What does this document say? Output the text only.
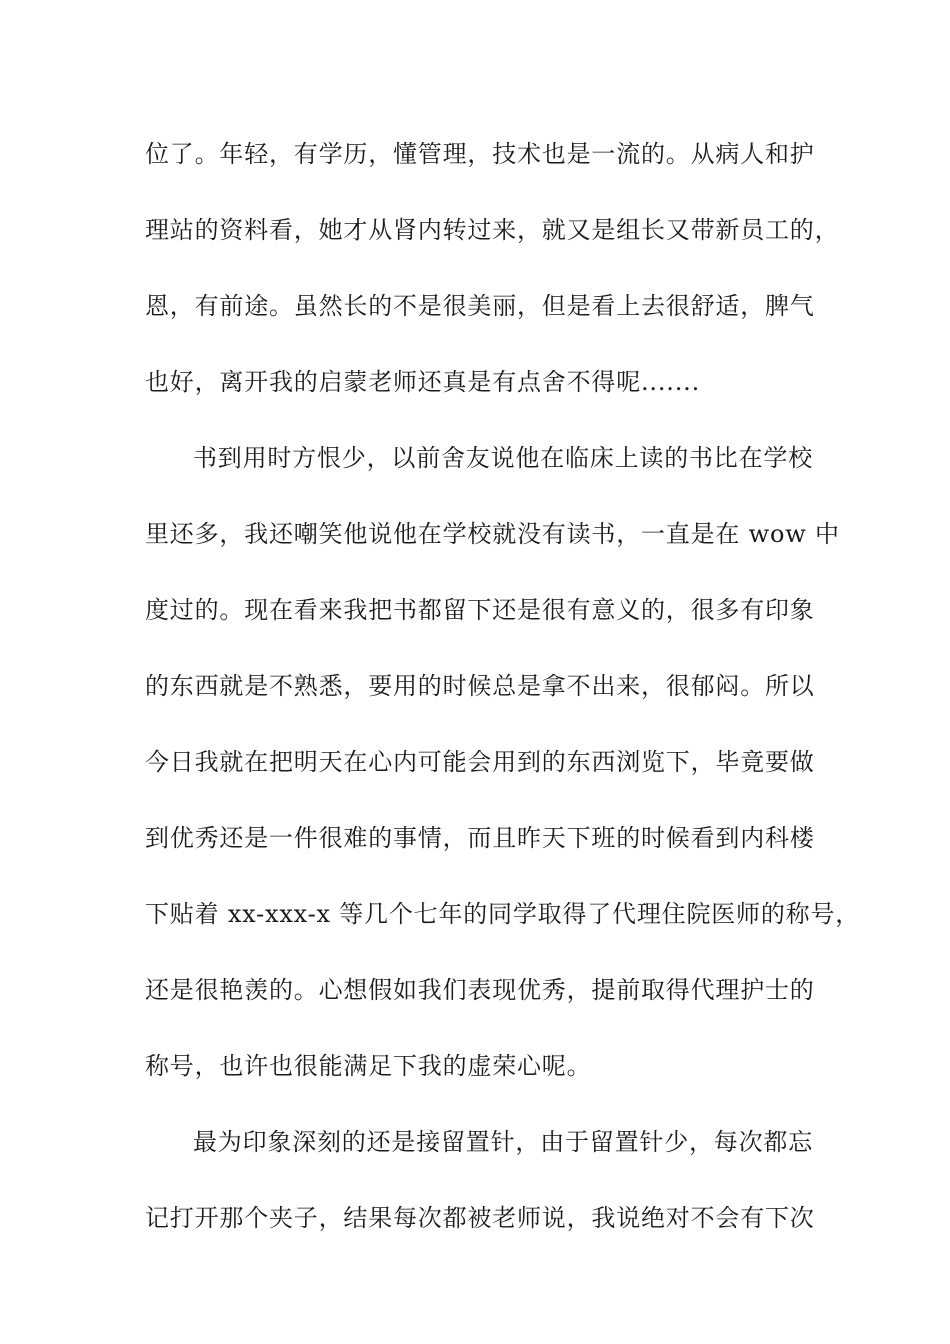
位了。年轻，有学历，懂管理，技术也是一流的。从病人和护
理站的资料看，她才从肾内转过来，就又是组长又带新员工的，
恩，有前途。虽然长的不是很美丽，但是看上去很舒适，脾气
也好，离开我的启蒙老师还真是有点舍不得呢.......
书到用时方恨少，以前舍友说他在临床上读的书比在学校
里还多，我还嘲笑他说他在学校就没有读书，一直是在 wow 中
度过的。现在看来我把书都留下还是很有意义的，很多有印象
的东西就是不熟悉，要用的时候总是拿不出来，很郁闷。所以
今日我就在把明天在心内可能会用到的东西浏览下，毕竟要做
到优秀还是一件很难的事情，而且昨天下班的时候看到内科楼
下贴着 xx-xxx-x 等几个七年的同学取得了代理住院医师的称号，
还是很艳羡的。心想假如我们表现优秀，提前取得代理护士的
称号，也许也很能满足下我的虚荣心呢。
最为印象深刻的还是接留置针，由于留置针少，每次都忘
记打开那个夹子，结果每次都被老师说，我说绝对不会有下次
